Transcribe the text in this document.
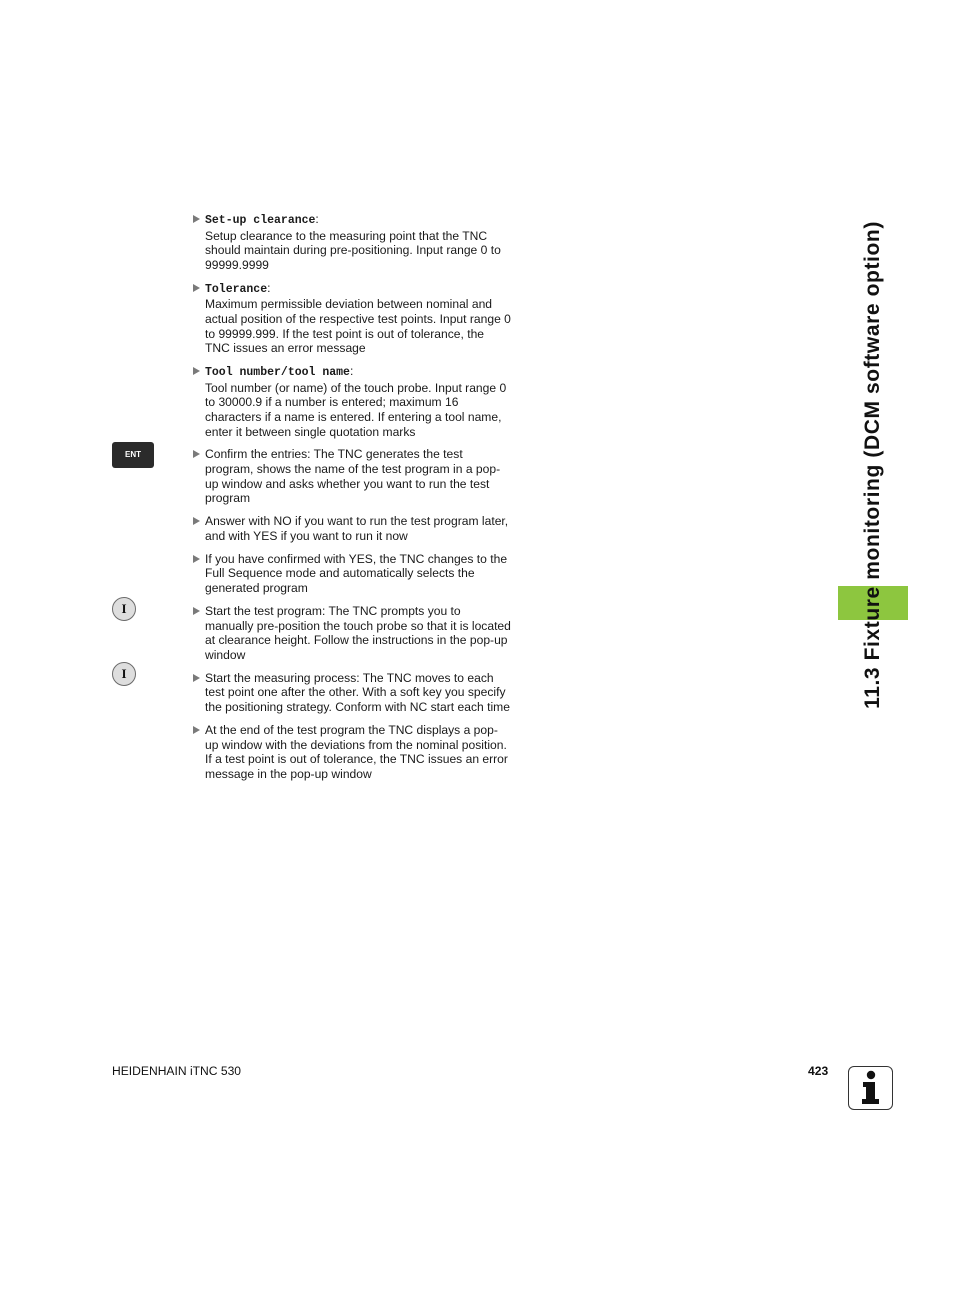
11.3 Fixture monitoring (DCM software option)
ENT
I
I
Set-up clearance:
Setup clearance to the measuring point that the TNC should maintain during pre-positioning. Input range 0 to 99999.9999
Tolerance:
Maximum permissible deviation between nominal and actual position of the respective test points. Input range 0 to 99999.999. If the test point is out of tolerance, the TNC issues an error message
Tool number/tool name:
Tool number (or name) of the touch probe. Input range 0 to 30000.9 if a number is entered; maximum 16 characters if a name is entered. If entering a tool name, enter it between single quotation marks
Confirm the entries: The TNC generates the test program, shows the name of the test program in a pop-up window and asks whether you want to run the test program
Answer with NO if you want to run the test program later, and with YES if you want to run it now
If you have confirmed with YES, the TNC changes to the Full Sequence mode and automatically selects the generated program
Start the test program: The TNC prompts you to manually pre-position the touch probe so that it is located at clearance height. Follow the instructions in the pop-up window
Start the measuring process: The TNC moves to each test point one after the other. With a soft key you specify the positioning strategy. Conform with NC start each time
At the end of the test program the TNC displays a pop-up window with the deviations from the nominal position. If a test point is out of tolerance, the TNC issues an error message in the pop-up window
HEIDENHAIN iTNC 530	423
